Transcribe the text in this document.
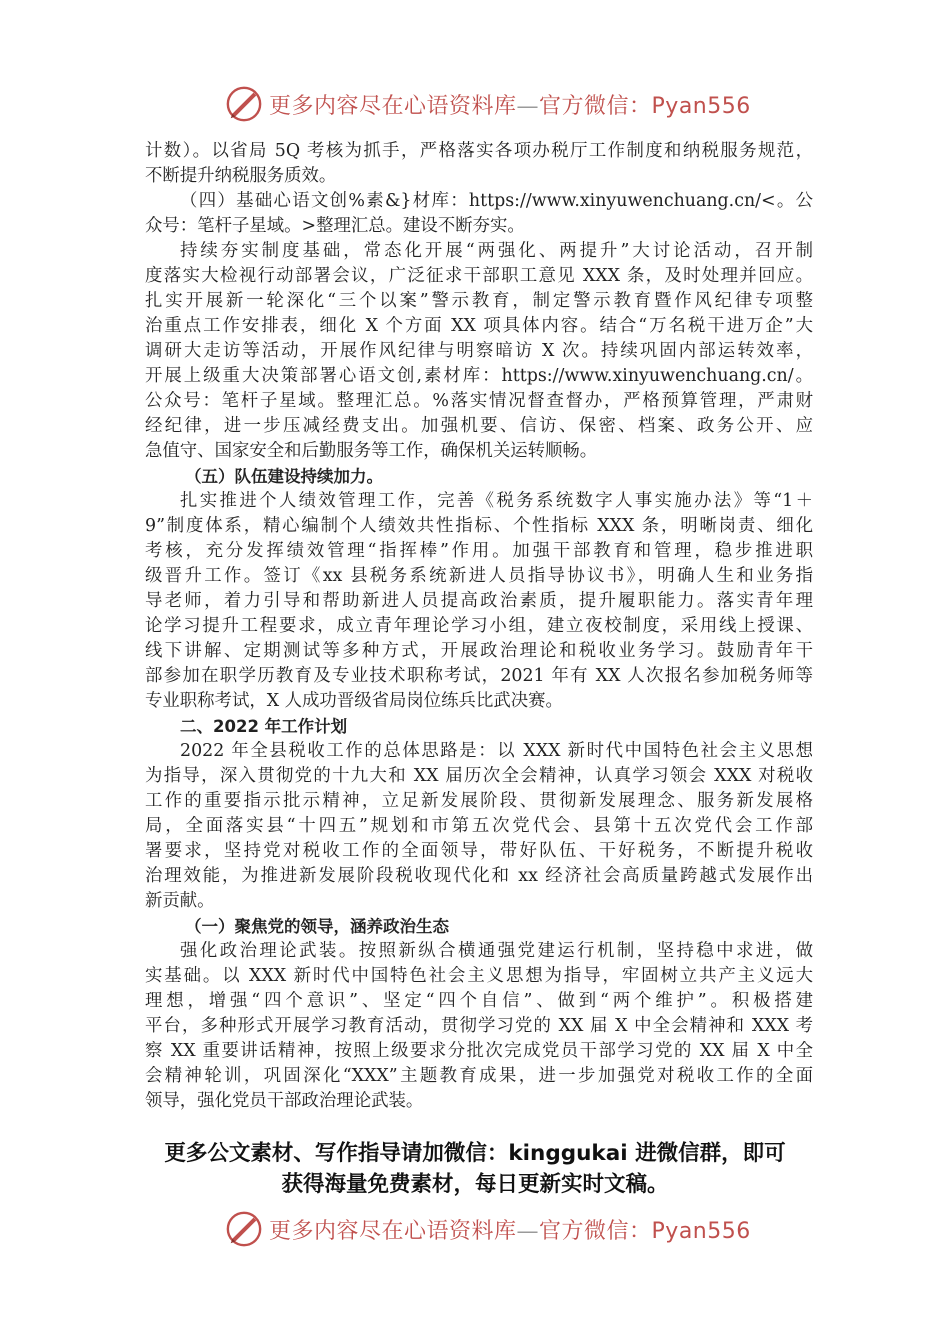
更多内容尽在心语资料库—官方微信：Pyan556
计数）。以省局 5Q 考核为抓手，严格落实各项办税厅工作制度和纳税服务规范，
不断提升纳税服务质效。
（四）基础心语文创%素&}材库：https://www.xinyuwenchuang.cn/<。公
众号：笔杆子星域。>整理汇总。建设不断夯实。
持续夯实制度基础，常态化开展“两强化、两提升”大讨论活动，召开制
度落实大检视行动部署会议，广泛征求干部职工意见 XXX 条，及时处理并回应。
扎实开展新一轮深化“三个以案”警示教育，制定警示教育暨作风纪律专项整
治重点工作安排表，细化 X 个方面 XX 项具体内容。结合“万名税干进万企”大
调研大走访等活动，开展作风纪律与明察暗访 X 次。持续巩固内部运转效率，
开展上级重大决策部署心语文创,素材库：https://www.xinyuwenchuang.cn/。
公众号：笔杆子星域。整理汇总。%落实情况督查督办，严格预算管理，严肃财
经纪律，进一步压减经费支出。加强机要、信访、保密、档案、政务公开、应
急值守、国家安全和后勤服务等工作，确保机关运转顺畅。
（五）队伍建设持续加力。
扎实推进个人绩效管理工作，完善《税务系统数字人事实施办法》等“1＋
9”制度体系，精心编制个人绩效共性指标、个性指标 XXX 条，明晰岗责、细化
考核，充分发挥绩效管理“指挥棒”作用。加强干部教育和管理，稳步推进职
级晋升工作。签订《xx 县税务系统新进人员指导协议书》，明确人生和业务指
导老师，着力引导和帮助新进人员提高政治素质，提升履职能力。落实青年理
论学习提升工程要求，成立青年理论学习小组，建立夜校制度，采用线上授课、
线下讲解、定期测试等多种方式，开展政治理论和税收业务学习。鼓励青年干
部参加在职学历教育及专业技术职称考试，2021 年有 XX 人次报名参加税务师等
专业职称考试，X 人成功晋级省局岗位练兵比武决赛。
二、2022 年工作计划
2022 年全县税收工作的总体思路是：以 XXX 新时代中国特色社会主义思想
为指导，深入贯彻党的十九大和 XX 届历次全会精神，认真学习领会 XXX 对税收
工作的重要指示批示精神，立足新发展阶段、贯彻新发展理念、服务新发展格
局，全面落实县“十四五”规划和市第五次党代会、县第十五次党代会工作部
署要求，坚持党对税收工作的全面领导，带好队伍、干好税务，不断提升税收
治理效能，为推进新发展阶段税收现代化和 xx 经济社会高质量跨越式发展作出
新贡献。
（一）聚焦党的领导，涵养政治生态
强化政治理论武装。按照新纵合横通强党建运行机制，坚持稳中求进，做
实基础。以 XXX 新时代中国特色社会主义思想为指导，牢固树立共产主义远大
理想，增强“四个意识”、坚定“四个自信”、做到“两个维护”。积极搭建
平台，多种形式开展学习教育活动，贯彻学习党的 XX 届 X 中全会精神和 XXX 考
察 XX 重要讲话精神，按照上级要求分批次完成党员干部学习党的 XX 届 X 中全
会精神轮训，巩固深化“XXX”主题教育成果，进一步加强党对税收工作的全面
领导，强化党员干部政治理论武装。
更多公文素材、写作指导请加微信：kinggukai 进微信群，即可
获得海量免费素材，每日更新实时文稿。
更多内容尽在心语资料库—官方微信：Pyan556
